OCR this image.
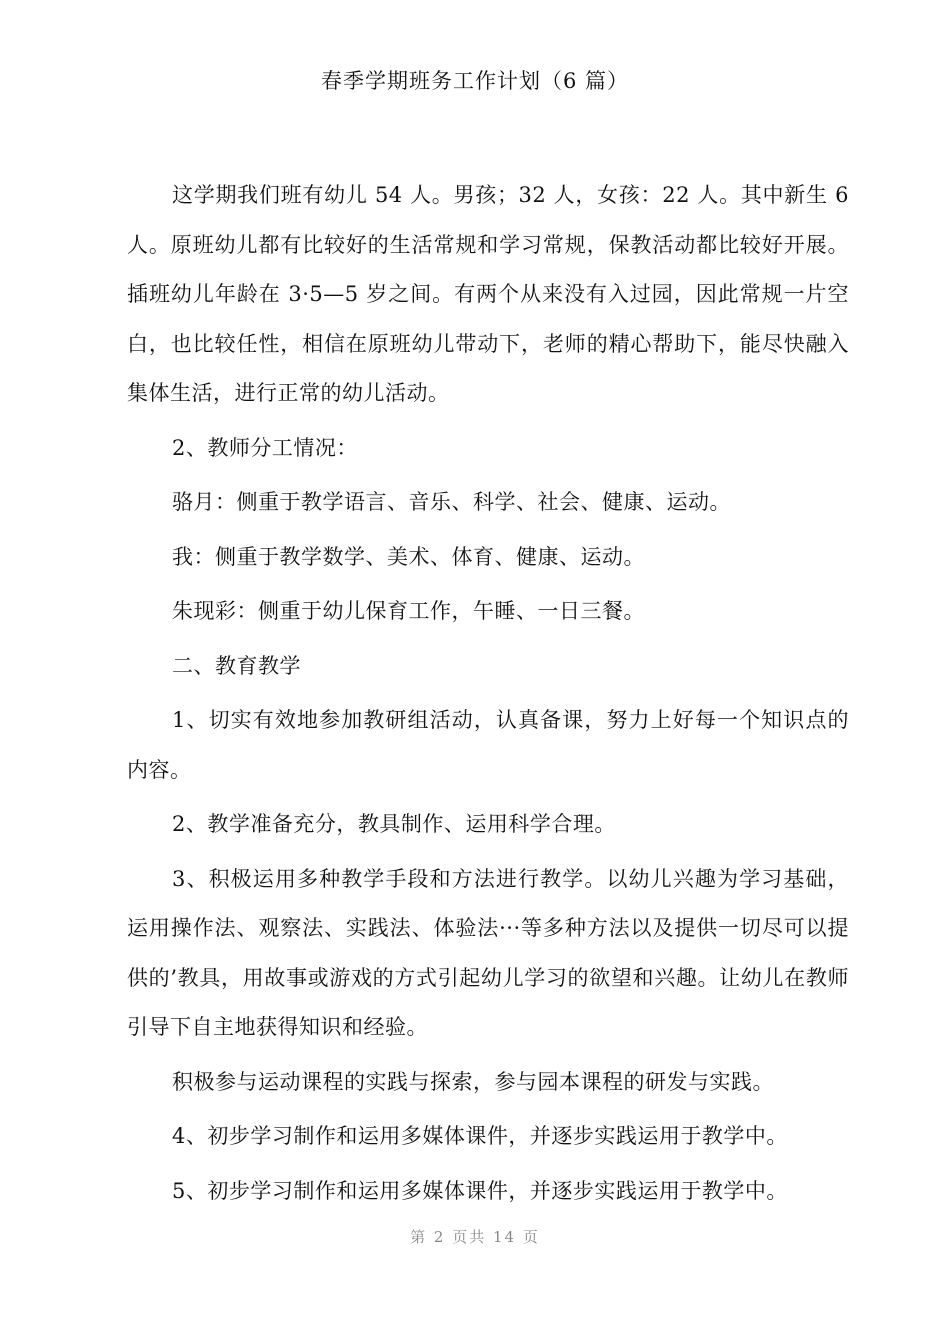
春季学期班务工作计划（6 篇）

这学期我们班有幼儿 54 人。男孩；32 人，女孩：22 人。其中新生 6 人。原班幼儿都有比较好的生活常规和学习常规，保教活动都比较好开展。插班幼儿年龄在 3·5—5 岁之间。有两个从来没有入过园，因此常规一片空白，也比较任性，相信在原班幼儿带动下，老师的精心帮助下，能尽快融入集体生活，进行正常的幼儿活动。

2、教师分工情况：

骆月：侧重于教学语言、音乐、科学、社会、健康、运动。

我：侧重于教学数学、美术、体育、健康、运动。

朱现彩：侧重于幼儿保育工作，午睡、一日三餐。

二、教育教学

1、切实有效地参加教研组活动，认真备课，努力上好每一个知识点的内容。

2、教学准备充分，教具制作、运用科学合理。

3、积极运用多种教学手段和方法进行教学。以幼儿兴趣为学习基础，运用操作法、观察法、实践法、体验法···等多种方法以及提供一切尽可以提供的’教具，用故事或游戏的方式引起幼儿学习的欲望和兴趣。让幼儿在教师引导下自主地获得知识和经验。

积极参与运动课程的实践与探索，参与园本课程的研发与实践。

4、初步学习制作和运用多媒体课件，并逐步实践运用于教学中。

5、初步学习制作和运用多媒体课件，并逐步实践运用于教学中。

第 2 页共 14 页
